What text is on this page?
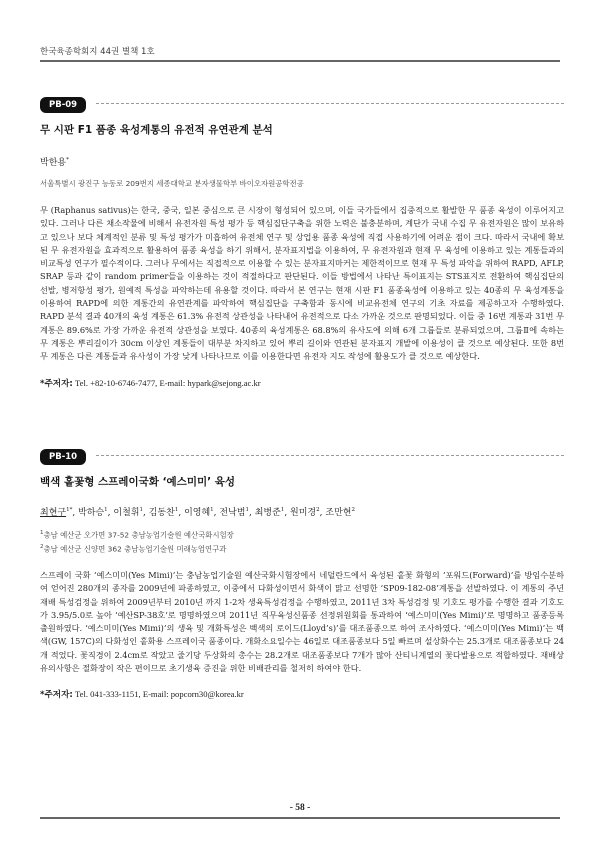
한국육종학회지 44권 별책 1호
PB-09
무 시판 F1 품종 육성계통의 유전적 유연관계 분석
박한용*
서울특별시 광진구 능동로 209번지 세종대학교 분자생물학부 바이오자원공학전공

무 (Raphanus sativus)는 한국, 중국, 일본 중심으로 큰 시장이 형성되어 있으며, 이들 국가들에서 집중적으로 활발한 무 품종 육성이 이루어지고 있다. 그러나 다른 채소작물에 비해서 유전자원 특성 평가 등 핵심집단구축을 위한 노력은 불충분하며, 계단가 국내 수집 무 유전자원은 많이 보유하고 있으나 보다 체계적인 분류 및 특성 평가가 미흡하여 유전체 연구 및 상업용 품종 육성에 직접 사용하기에 어려운 점이 크다. 따라서 국내에 확보된 무 유전자원을 효과적으로 활용하여 품종 육성을 하기 위해서, 분자표지법을 이용하여, 무 유전자원과 현재 무 육성에 이용하고 있는 계통들과의 비교특성 연구가 필수적이다. 그러나 무에서는 직접적으로 이용할 수 있는 분자표지마커는 제한적이므로 현재 무 특성 파악을 위하여 RAPD, AFLP, SRAP 등과 같이 random primer들을 이용하는 것이 적절하다고 판단된다. 이들 방법에서 나타난 특이표지는 STS표지로 전환하여 핵심집단의 선발, 병저항성 평가, 원예적 특성을 파악하는데 유용할 것이다. 따라서 본 연구는 현재 시판 F1 품종육성에 이용하고 있는 40종의 무 육성계통을 이용하여 RAPD에 의한 계통간의 유연관계를 파악하여 핵심집단을 구축함과 동시에 비교유전체 연구의 기초 자료를 제공하고자 수행하였다. RAPD 분석 결과 40개의 육성 계통은 61.3% 유전적 상관성을 나타내어 유전적으로 다소 가까운 것으로 판명되었다. 이들 중 16번 계통과 31번 무 계통은 89.6%로 가장 가까운 유전적 상관성을 보였다. 40종의 육성계통은 68.8%의 유사도에 의해 6개 그룹들로 분류되었으며, 그룹Ⅱ에 속하는 무 계통은 뿌리길이가 30cm 이상인 계통들이 대부분 차지하고 있어 뿌리 길이와 연관된 분자표지 개발에 이용성이 클 것으로 예상된다. 또한 8번 무 계통은 다른 계통들과 유사성이 가장 낮게 나타나므로 이를 이용한다면 유전자 지도 작성에 활용도가 클 것으로 예상한다.

*주저자: Tel. +82-10-6746-7477, E-mail: hypark@sejong.ac.kr
PB-10
백색 홑꽃형 스프레이국화 ‘예스미미’ 육성
최현구$^{1*}$, 박하승$^1$, 이철휘$^1$, 김동찬$^1$, 이영혜$^1$, 전낙범$^1$, 최병준$^1$, 원미경$^2$, 조만현$^2$
$^1$충남 예산군 오가면 37-52 충남농업기술원 예산국화시험장
$^2$충남 예산군 신양면 362 충남농업기술원 미래농업연구과

스프레이 국화 ‘예스미미(Yes Mimi)’는 충남농업기술원 예산국화시험장에서 네덜란드에서 육성된 홑꽃 화형의 ‘포워드(Forward)’를 방임수분하여 얻어진 280개의 종자를 2009년에 파종하였고, 이중에서 다화성이면서 화색이 맑고 선명한 ‘SP09-182-08’계통을 선발하였다. 이 계통의 주년재배 특성검정을 위하여 2009년부터 2010년 까지 1-2차 생육특성검정을 수행하였고, 2011년 3차 특성검정 및 기호도 평가를 수행한 결과 기호도가 3.95/5.0로 높아 ‘예산SP-38호’로 명명하였으며 2011년 직무육성신품종 선정위원회를 통과하여 ‘예스미미(Yes Mimi)’로 명명하고 품종등록 출원하였다. ‘예스미미(Yes Mimi)’의 생육 및 개화특성은 백색의 로이드(Lloyd’s)’를 대조품종으로 하여 조사하였다. ‘예스미미(Yes Mimi)’는 백색(GW, 157C)의 다화성인 홑화용 스프레이국 품종이다. 개화소요일수는 46일로 대조품종보다 5일 빠르며 설상화수는 25.3개로 대조품종보다 24개 적었다. 꽃직경이 2.4cm로 작았고 줄기당 두상화의 총수는 28.2개로 대조품종보다 7개가 많아 산티니계열의 꽃다발용으로 적합하였다. 재배상 유의사항은 절화장이 작은 편이므로 초기생육 증진을 위한 비배관리를 철저히 하여야 한다.

*주저자: Tel. 041-333-1151, E-mail: popcorn30@korea.kr
- 58 -
